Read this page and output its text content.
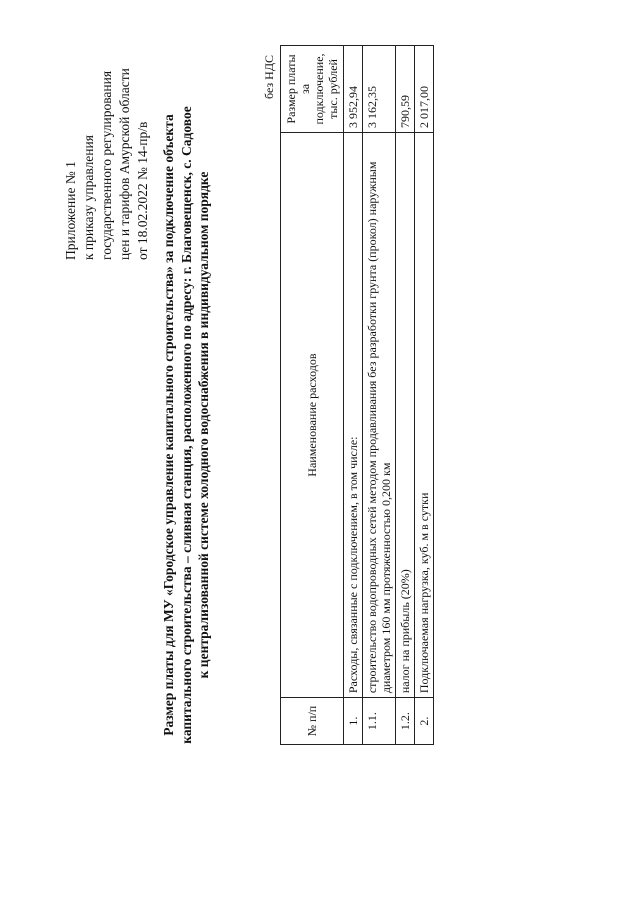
Приложение № 1 к приказу управления государственного регулирования цен и тарифов Амурской области от 18.02.2022 № 14-пр/в Размер платы для МУ «Городское управление капитального строительства» за подключение объекта капитального строительства – сливная станция, расположенного по адресу: г. Благовещенск, с. Садовое к централизованной системе холодного водоснабжения в индивидуальном порядке
без НДС
№ п/п	Наименование расходов	Размер платы за подключение, тыс. рублей
1.	Расходы, связанные с подключением, в том числе:	3 952,94
1.1.	строительство водопроводных сетей методом продавливания без разработки грунта (прокол) наружным диаметром 160 мм протяженностью 0,200 км	3 162,35
1.2.	налог на прибыль (20%)	790,59
2.	Подключаемая нагрузка, куб. м в сутки	2 017,00
